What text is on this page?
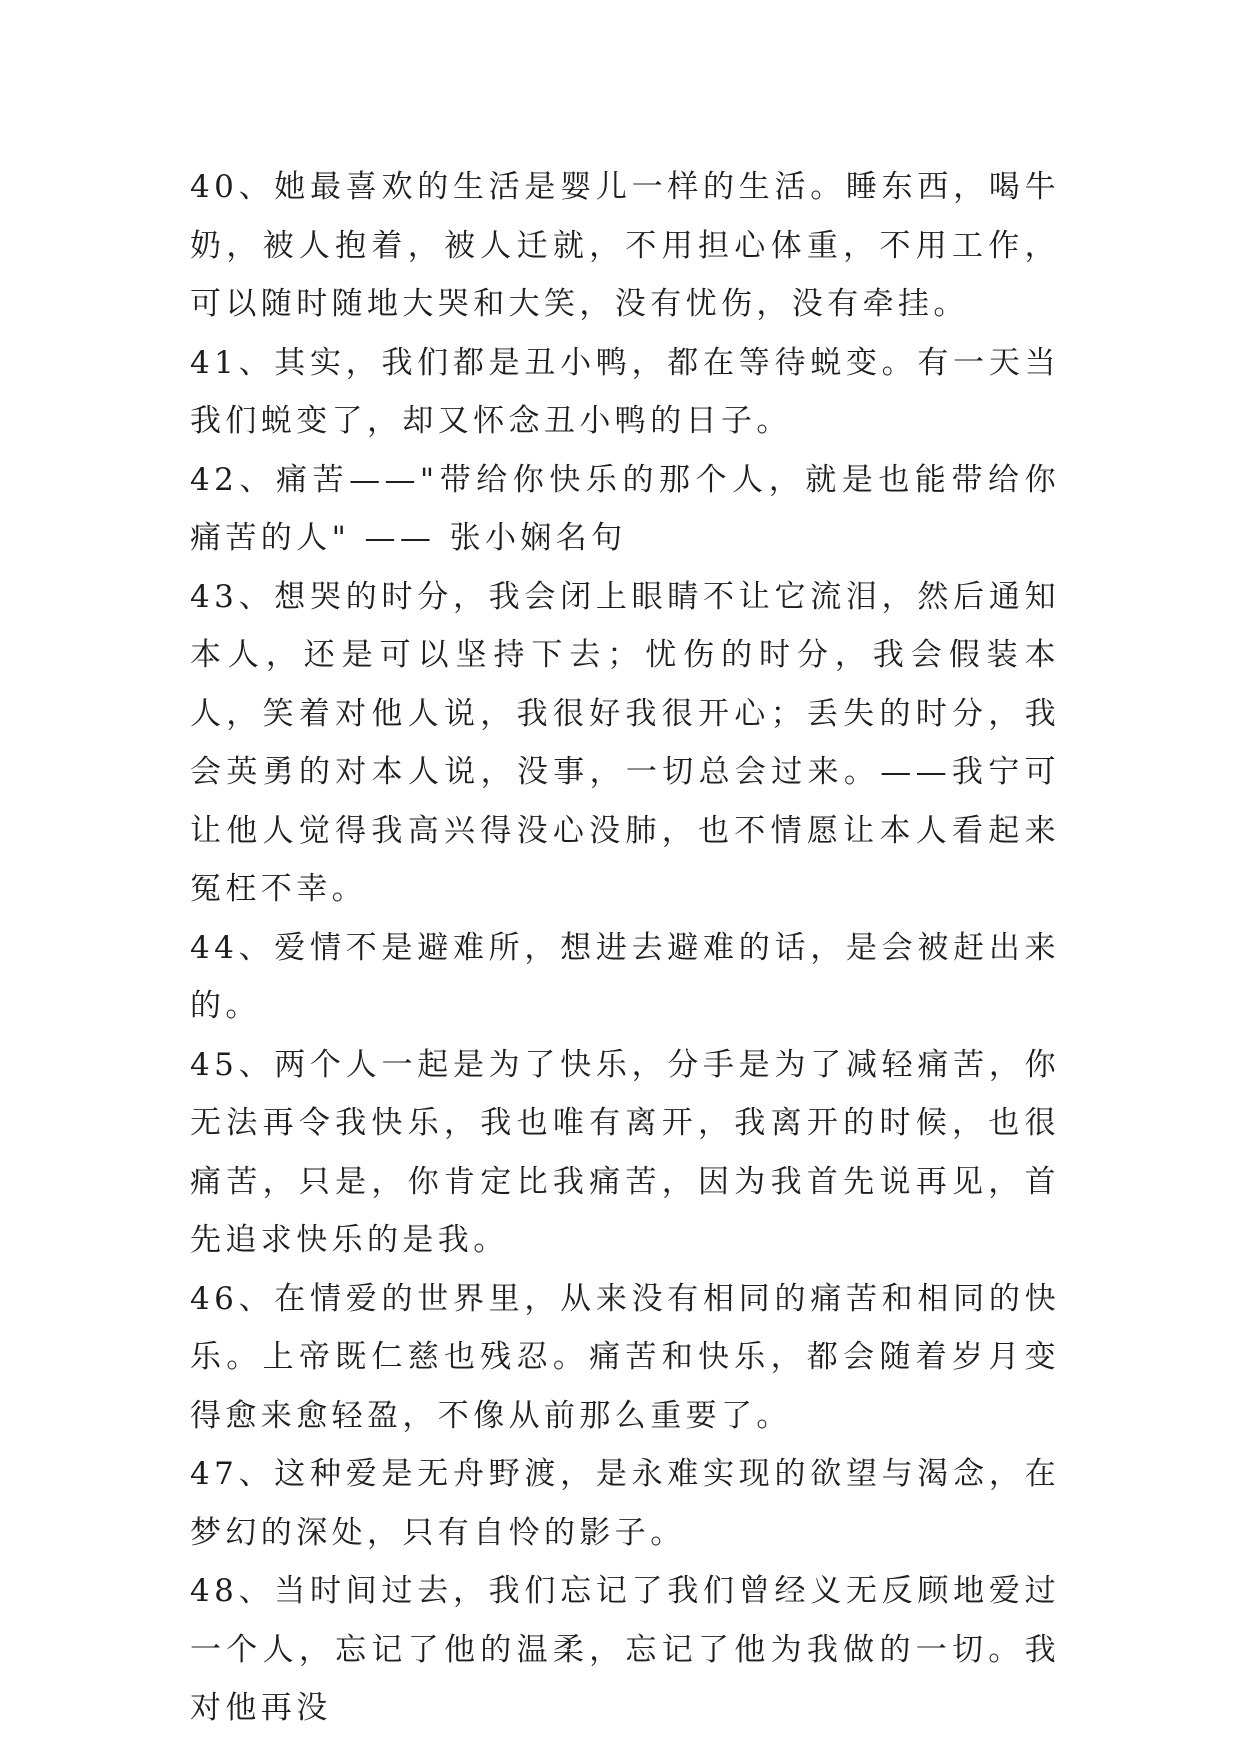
40、她最喜欢的生活是婴儿一样的生活。睡东西，喝牛奶，被人抱着，被人迁就，不用担心体重，不用工作，可以随时随地大哭和大笑，没有忧伤，没有牵挂。

41、其实，我们都是丑小鸭，都在等待蜕变。有一天当我们蜕变了，却又怀念丑小鸭的日子。

42、痛苦——"带给你快乐的那个人，就是也能带给你痛苦的人" —— 张小娴名句

43、想哭的时分，我会闭上眼睛不让它流泪，然后通知本人，还是可以坚持下去；忧伤的时分，我会假装本人，笑着对他人说，我很好我很开心；丢失的时分，我会英勇的对本人说，没事，一切总会过来。——我宁可让他人觉得我高兴得没心没肺，也不情愿让本人看起来冤枉不幸。

44、爱情不是避难所，想进去避难的话，是会被赶出来的。

45、两个人一起是为了快乐，分手是为了减轻痛苦，你无法再令我快乐，我也唯有离开，我离开的时候，也很痛苦，只是，你肯定比我痛苦，因为我首先说再见，首先追求快乐的是我。

46、在情爱的世界里，从来没有相同的痛苦和相同的快乐。上帝既仁慈也残忍。痛苦和快乐，都会随着岁月变得愈来愈轻盈，不像从前那么重要了。

47、这种爱是无舟野渡，是永难实现的欲望与渴念，在梦幻的深处，只有自怜的影子。

48、当时间过去，我们忘记了我们曾经义无反顾地爱过一个人，忘记了他的温柔，忘记了他为我做的一切。我对他再没
